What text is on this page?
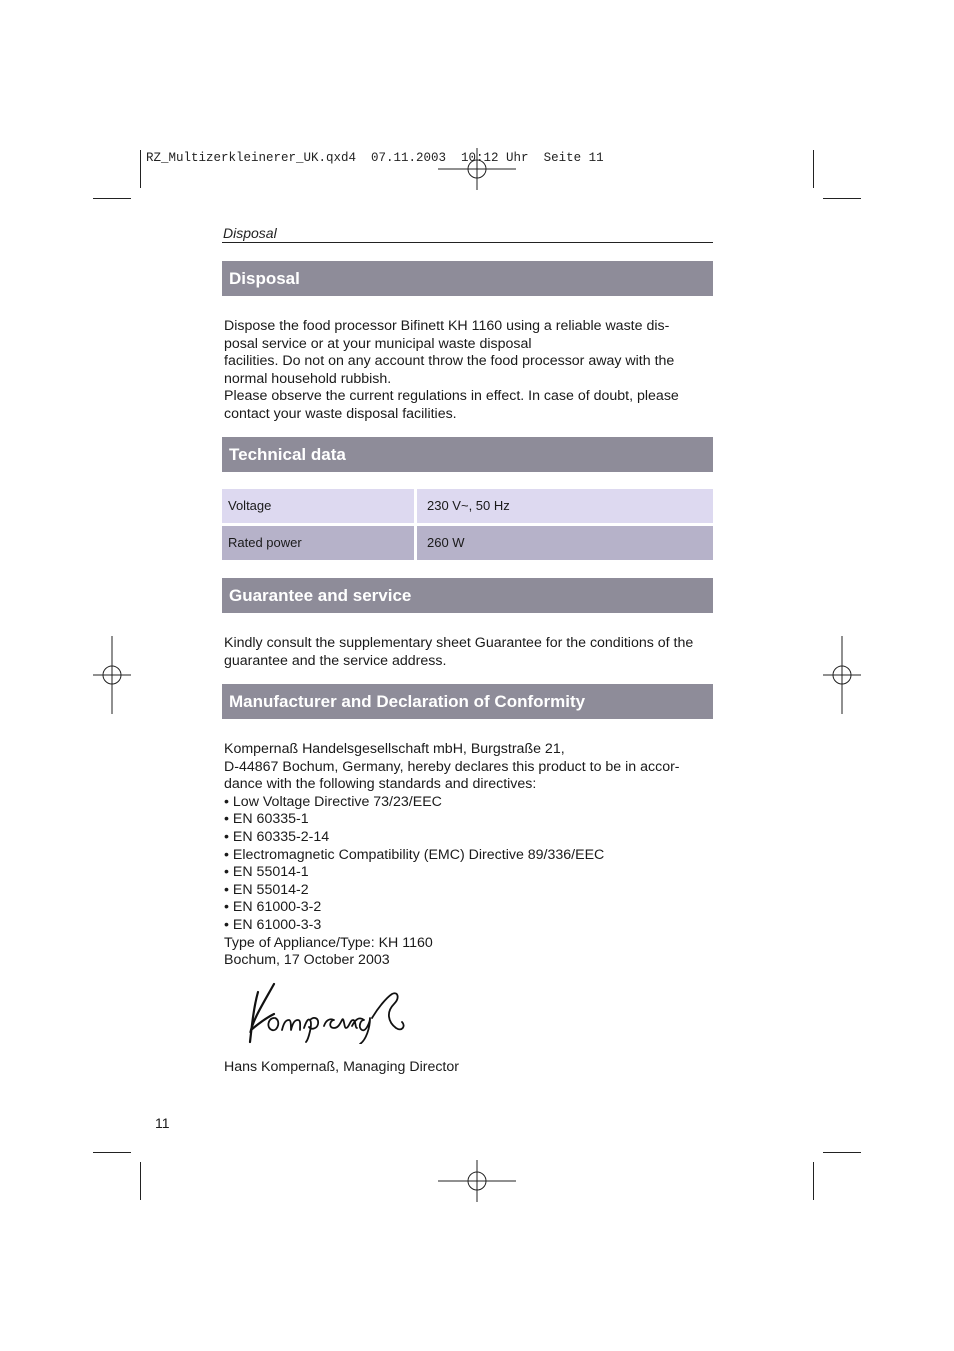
RZ_Multizerkleinerer_UK.qxd4  07.11.2003  10:12 Uhr  Seite 11
Disposal
Disposal

Dispose the food processor Bifinett KH 1160 using a reliable waste dis-

posal service or at your municipal waste disposal

facilities. Do not on any account throw the food processor away with the

normal household rubbish.

Please observe the current regulations in effect. In case of doubt, please

contact your waste disposal facilities.

Technical data
Voltage	230 V~, 50 Hz
Rated power	260 W
Guarantee and service

Kindly consult the supplementary sheet Guarantee for the conditions of the

guarantee and the service address.

Manufacturer and Declaration of Conformity

Kompernaß Handelsgesellschaft mbH, Burgstraße 21,

D-44867 Bochum, Germany, hereby declares this product to be in accor-

dance with the following standards and directives:

• Low Voltage Directive 73/23/EEC

• EN 60335-1

• EN 60335-2-14

• Electromagnetic Compatibility (EMC) Directive 89/336/EEC

• EN 55014-1

• EN 55014-2

• EN 61000-3-2

• EN 61000-3-3

Type of Appliance/Type: KH 1160

Bochum, 17 October 2003

Hans Kompernaß, Managing Director

11
